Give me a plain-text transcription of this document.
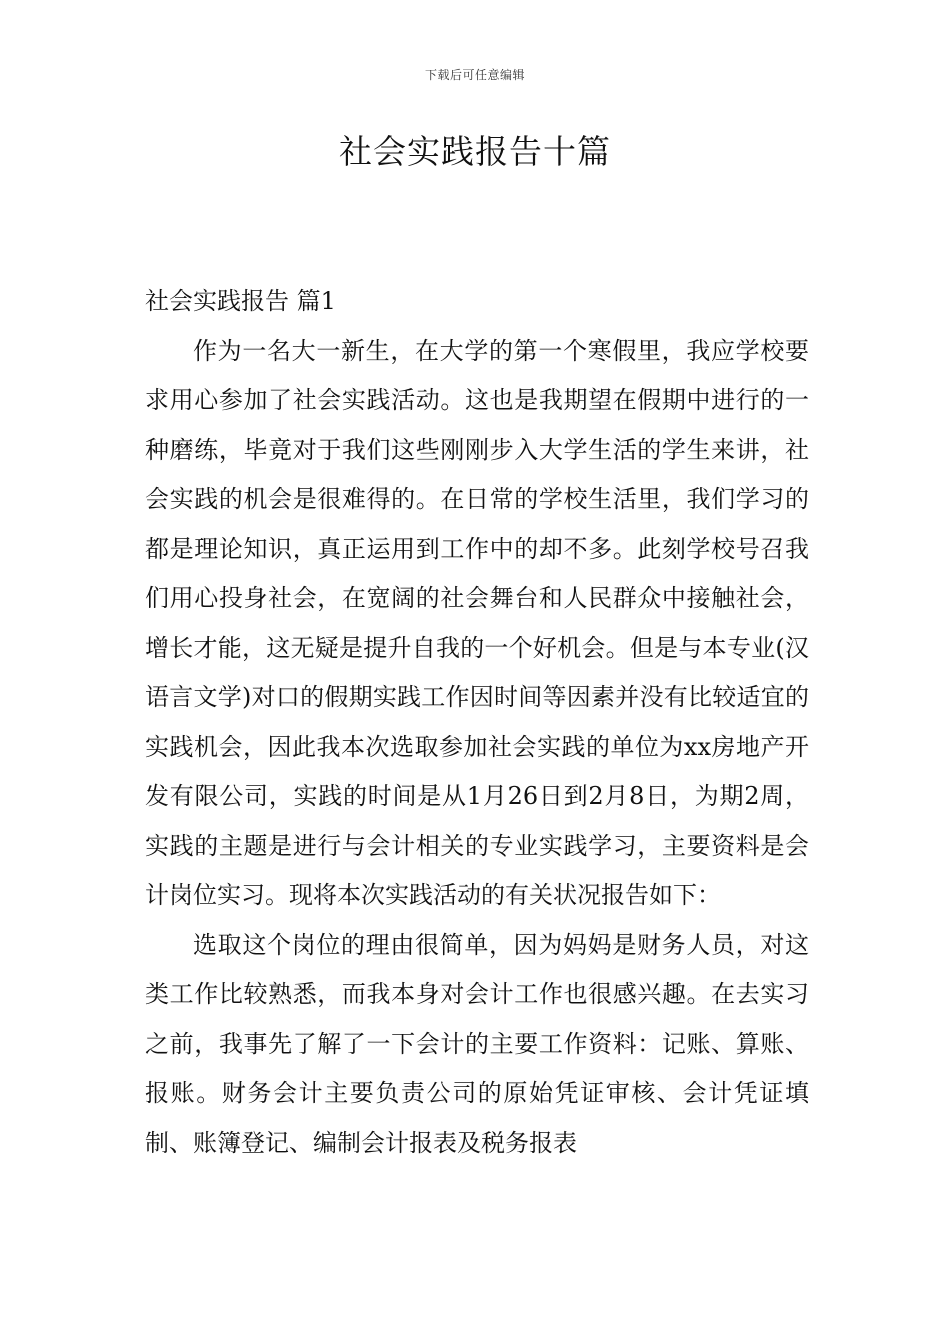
下载后可任意编辑
社会实践报告十篇

社会实践报告 篇1

作为一名大一新生，在大学的第一个寒假里，我应学校要求用心参加了社会实践活动。这也是我期望在假期中进行的一种磨练，毕竟对于我们这些刚刚步入大学生活的学生来讲，社会实践的机会是很难得的。在日常的学校生活里，我们学习的都是理论知识，真正运用到工作中的却不多。此刻学校号召我们用心投身社会，在宽阔的社会舞台和人民群众中接触社会，增长才能，这无疑是提升自我的一个好机会。但是与本专业(汉语言文学)对口的假期实践工作因时间等因素并没有比较适宜的实践机会，因此我本次选取参加社会实践的单位为xx房地产开发有限公司，实践的时间是从1月26日到2月8日，为期2周，实践的主题是进行与会计相关的专业实践学习，主要资料是会计岗位实习。现将本次实践活动的有关状况报告如下：

选取这个岗位的理由很简单，因为妈妈是财务人员，对这类工作比较熟悉，而我本身对会计工作也很感兴趣。在去实习之前，我事先了解了一下会计的主要工作资料：记账、算账、报账。财务会计主要负责公司的原始凭证审核、会计凭证填制、账簿登记、编制会计报表及税务报表
